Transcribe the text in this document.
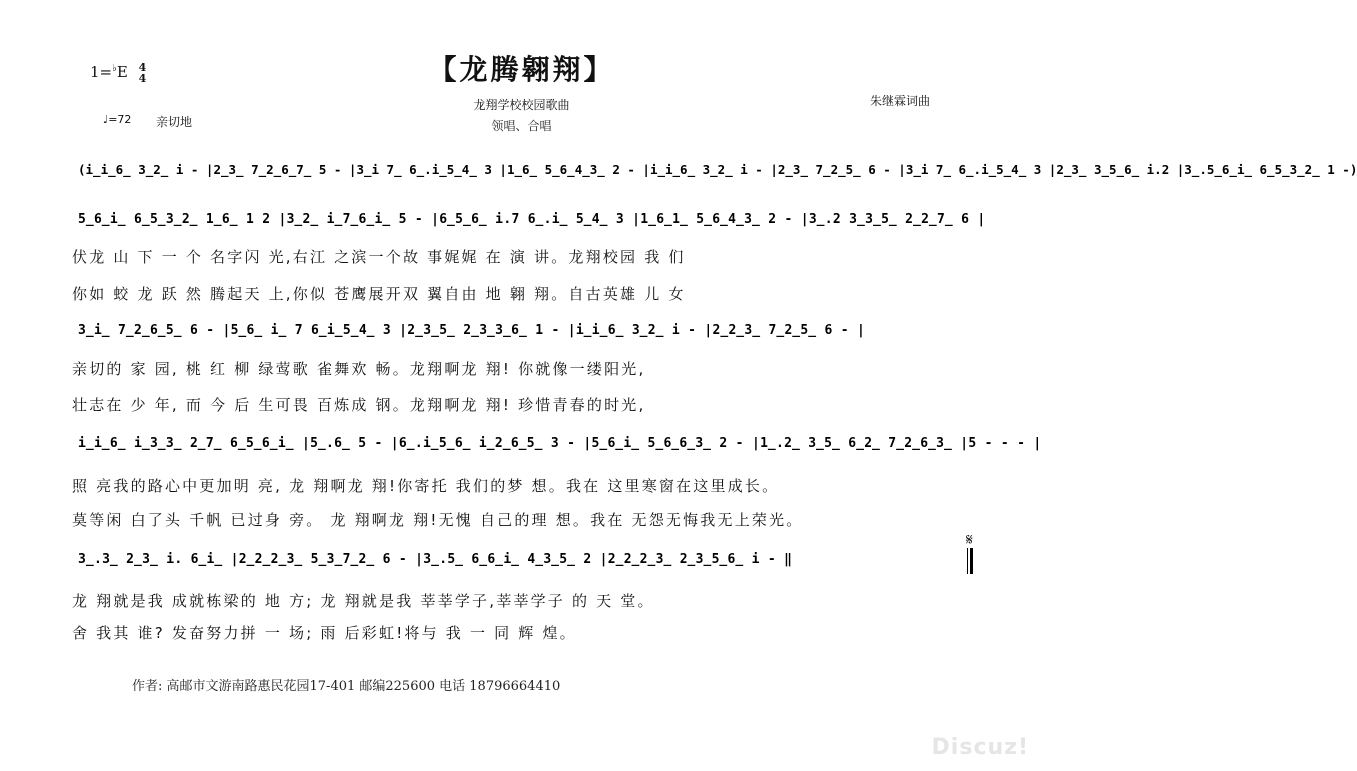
1=♭E 4
4	【龙腾翱翔】
龙翔学校校园歌曲
领唱、合唱
朱继霖词曲
♩=72 亲切地
(i̲i̲6̲ 3̲2̲ i - |2̲3̲ 7̲2̲6̲7̲ 5 - |3̲i 7̲ 6̲.i̲5̲4̲ 3 |1̲6̲ 5̲6̲4̲3̲ 2 - |i̲i̲6̲ 3̲2̲ i - |2̲3̲ 7̲2̲5̲ 6 - |3̲i 7̲ 6̲.i̲5̲4̲ 3 |2̲3̲ 3̲5̲6̲ i.2 |3̲.5̲6̲i̲ 6̲5̲3̲2̲ 1 -)
5̲6̲i̲ 6̲5̲3̲2̲ 1̲6̲ 1 2 |3̲2̲ i̲7̲6̲i̲ 5 - |6̲5̲6̲ i.7 6̲.i̲ 5̲4̲ 3 |1̲6̲1̲ 5̲6̲4̲3̲ 2 - |3̲.2 3̲3̲5̲ 2̲2̲7̲ 6 |
3̲i̲ 7̲2̲6̲5̲ 6 - |5̲6̲ i̲ 7 6̲i̲5̲4̲ 3 |2̲3̲5̲ 2̲3̲3̲6̲ 1 - |i̲i̲6̲ 3̲2̲ i - |2̲2̲3̲ 7̲2̲5̲ 6 - |
i̲i̲6̲ i̲3̲3̲ 2̲7̲ 6̲5̲6̲i̲ |5̲.6̲ 5 - |6̲.i̲5̲6̲ i̲2̲6̲5̲ 3 - |5̲6̲i̲ 5̲6̲6̲3̲ 2 - |1̲.2̲ 3̲5̲ 6̲2̲ 7̲2̲6̲3̲ |5 - - - |
3̲.3̲ 2̲3̲ i. 6̲i̲ |2̲2̲2̲3̲ 5̲3̲7̲2̲ 6 - |3̲.5̲ 6̲6̲i̲ 4̲3̲5̲ 2 |2̲2̲2̲3̲ 2̲3̲5̲6̲ i - ‖
伏龙 山 下 一 个 名字闪 光,右江 之滨一个故 事娓娓 在 演 讲。龙翔校园 我 们
你如 蛟 龙 跃 然 腾起天 上,你似 苍鹰展开双 翼自由 地 翱 翔。自古英雄 儿 女
亲切的 家 园, 桃 红 柳 绿莺歌 雀舞欢 畅。龙翔啊龙 翔! 你就像一缕阳光,
壮志在 少 年, 而 今 后 生可畏 百炼成 钢。龙翔啊龙 翔! 珍惜青春的时光,
照 亮我的路心中更加明 亮, 龙 翔啊龙 翔!你寄托 我们的梦 想。我在 这里寒窗在这里成长。
莫等闲 白了头 千帆 已过身 旁。 龙 翔啊龙 翔!无愧 自己的理 想。我在 无怨无悔我无上荣光。
龙 翔就是我 成就栋梁的 地 方; 龙 翔就是我 莘莘学子,莘莘学子 的 天 堂。
舍 我其 谁? 发奋努力拼 一 场; 雨 后彩虹!将与 我 一 同 辉 煌。
𝄋
作者: 高邮市文游南路惠民花园17-401 邮编225600 电话 18796664410
Discuz!
